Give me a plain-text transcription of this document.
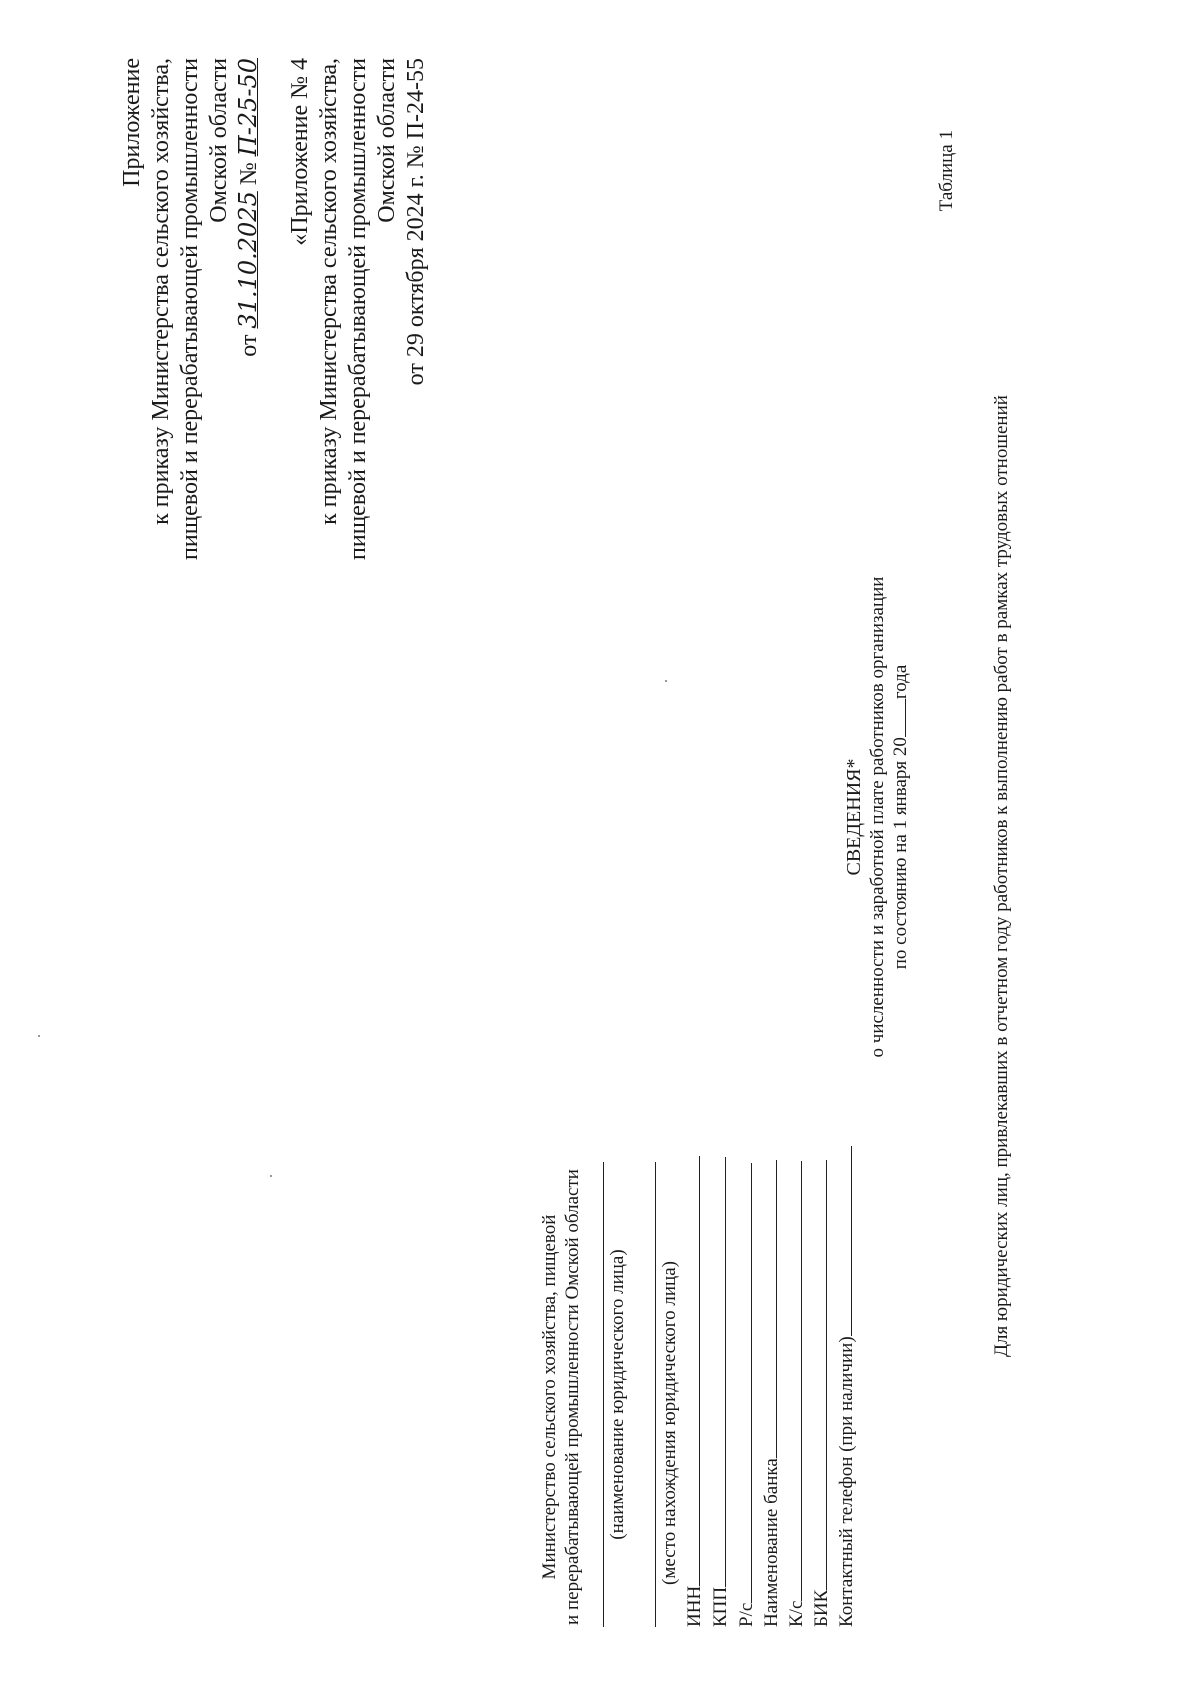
Приложение к приказу Министерства сельского хозяйства, пищевой и перерабатывающей промышленности Омской области
от 31.10.2025 № П-25-50 «Приложение № 4 к приказу Министерства сельского хозяйства, пищевой и перерабатывающей промышленности Омской области от 29 октября 2024 г. № П-24-55
Министерство сельского хозяйства, пищевой и перерабатывающей промышленности Омской области (наименование юридического лица) (место нахождения юридического лица)
ИНН КПП Р/с Наименование банка К/с БИК Контактный телефон (при наличии)
СВЕДЕНИЯ* о численности и заработной плате работников организации по состоянию на 1 января 20года
Таблица 1
Для юридических лиц, привлекавших в отчетном году работников к выполнению работ в рамках трудовых отношений
